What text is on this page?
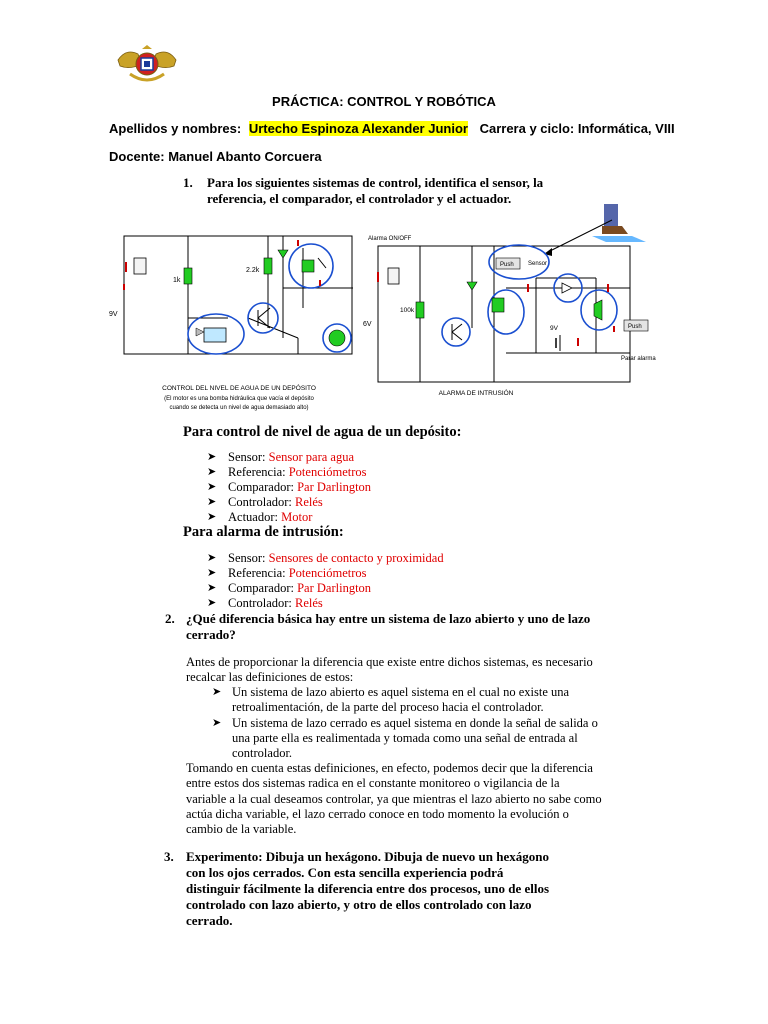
PRÁCTICA: CONTROL Y ROBÓTICA
Apellidos y nombres: Urtecho Espinoza Alexander Junior Carrera y ciclo: Informática, VIII
Docente: Manuel Abanto Corcuera
1. Para los siguientes sistemas de control, identifica el sensor, la
referencia, el comparador, el controlador y el actuador.
1k
2.2k
9V
CONTROL DEL NIVEL DE AGUA DE UN DEPÓSITO
(El motor es una bomba hidráulica que vacía el depósito
cuando se detecta un nivel de agua demasiado alto)
Alarma ON/OFF
Push Sensor
100k
6V
9V	Push
Parar alarma
ALARMA DE INTRUSIÓN
Para control de nivel de agua de un depósito:
➤ Sensor: Sensor para agua
➤ Referencia: Potenciómetros
➤ Comparador: Par Darlington
➤ Controlador: Relés
➤ Actuador: Motor
Para alarma de intrusión:
➤ Sensor: Sensores de contacto y proximidad
➤ Referencia: Potenciómetros
➤ Comparador: Par Darlington
➤ Controlador: Relés
2. ¿Qué diferencia básica hay entre un sistema de lazo abierto y uno de lazo
cerrado?
Antes de proporcionar la diferencia que existe entre dichos sistemas, es necesario
recalcar las definiciones de estos:
➤ Un sistema de lazo abierto es aquel sistema en el cual no existe una
retroalimentación, de la parte del proceso hacia el controlador.
➤ Un sistema de lazo cerrado es aquel sistema en donde la señal de salida o
una parte ella es realimentada y tomada como una señal de entrada al
controlador.
Tomando en cuenta estas definiciones, en efecto, podemos decir que la diferencia
entre estos dos sistemas radica en el constante monitoreo o vigilancia de la
variable a la cual deseamos controlar, ya que mientras el lazo abierto no sabe como
actúa dicha variable, el lazo cerrado conoce en todo momento la evolución o
cambio de la variable.
3. Experimento: Dibuja un hexágono. Dibuja de nuevo un hexágono
con los ojos cerrados. Con esta sencilla experiencia podrá
distinguir fácilmente la diferencia entre dos procesos, uno de ellos
controlado con lazo abierto, y otro de ellos controlado con lazo
cerrado.
